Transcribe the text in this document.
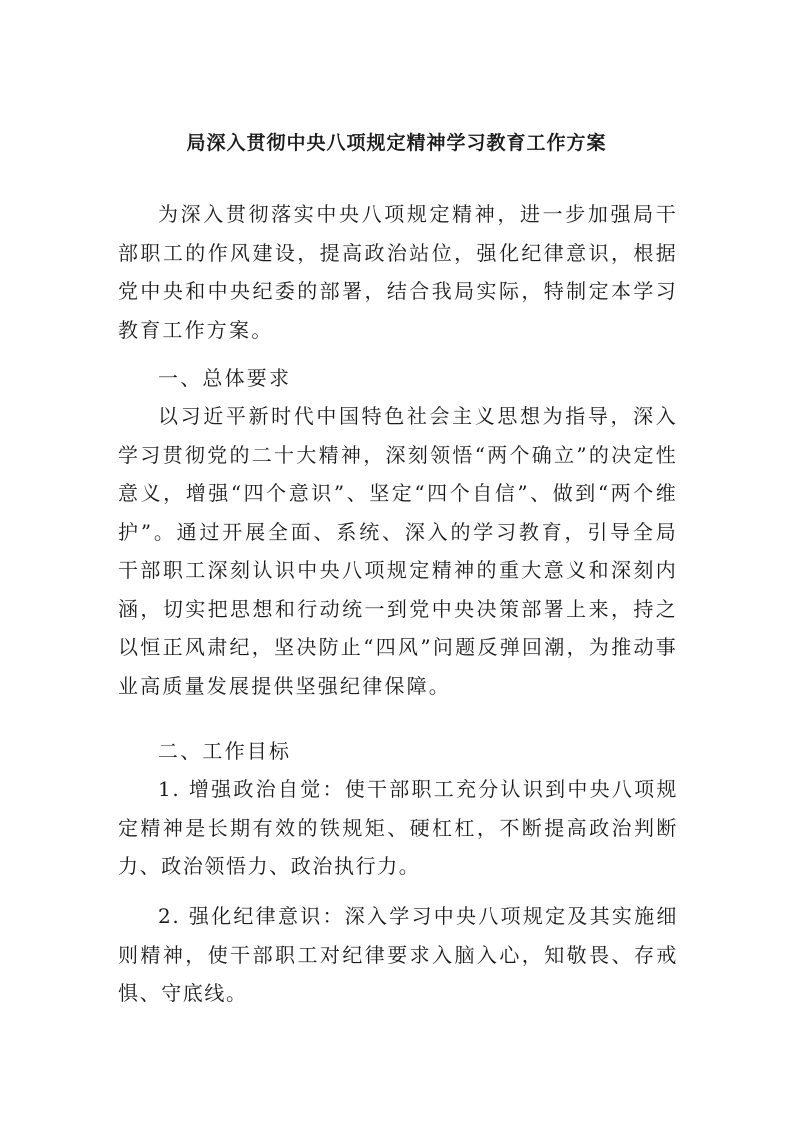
局深入贯彻中央八项规定精神学习教育工作方案

为深入贯彻落实中央八项规定精神，进一步加强局干部职工的作风建设，提高政治站位，强化纪律意识，根据党中央和中央纪委的部署，结合我局实际，特制定本学习教育工作方案。

一、总体要求

以习近平新时代中国特色社会主义思想为指导，深入学习贯彻党的二十大精神，深刻领悟“两个确立”的决定性意义，增强“四个意识”、坚定“四个自信”、做到“两个维护”。通过开展全面、系统、深入的学习教育，引导全局干部职工深刻认识中央八项规定精神的重大意义和深刻内涵，切实把思想和行动统一到党中央决策部署上来，持之以恒正风肃纪，坚决防止“四风”问题反弹回潮，为推动事业高质量发展提供坚强纪律保障。

二、工作目标

1. 增强政治自觉：使干部职工充分认识到中央八项规定精神是长期有效的铁规矩、硬杠杠，不断提高政治判断力、政治领悟力、政治执行力。

2. 强化纪律意识：深入学习中央八项规定及其实施细则精神，使干部职工对纪律要求入脑入心，知敬畏、存戒惧、守底线。
